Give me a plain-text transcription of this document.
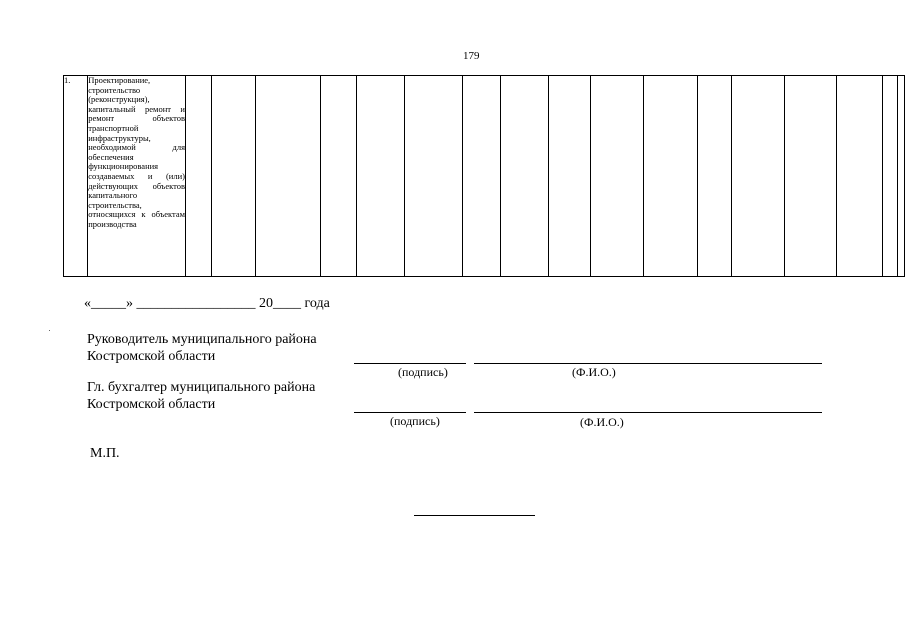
179
1.	Проектирование, строительство (реконструкция), капитальный ремонт и ремонт объектов транспортной инфраструктуры, необходимой для обеспечения функционирования создаваемых и (или) действующих объектов капитального строительства, относящихся к объектам производства																	
«_____» _________________ 20____ года
Руководитель муниципального района
Костромской области
(подпись)	(Ф.И.О.)
Гл. бухгалтер муниципального района
Костромской области
(подпись)	(Ф.И.О.)
М.П.
